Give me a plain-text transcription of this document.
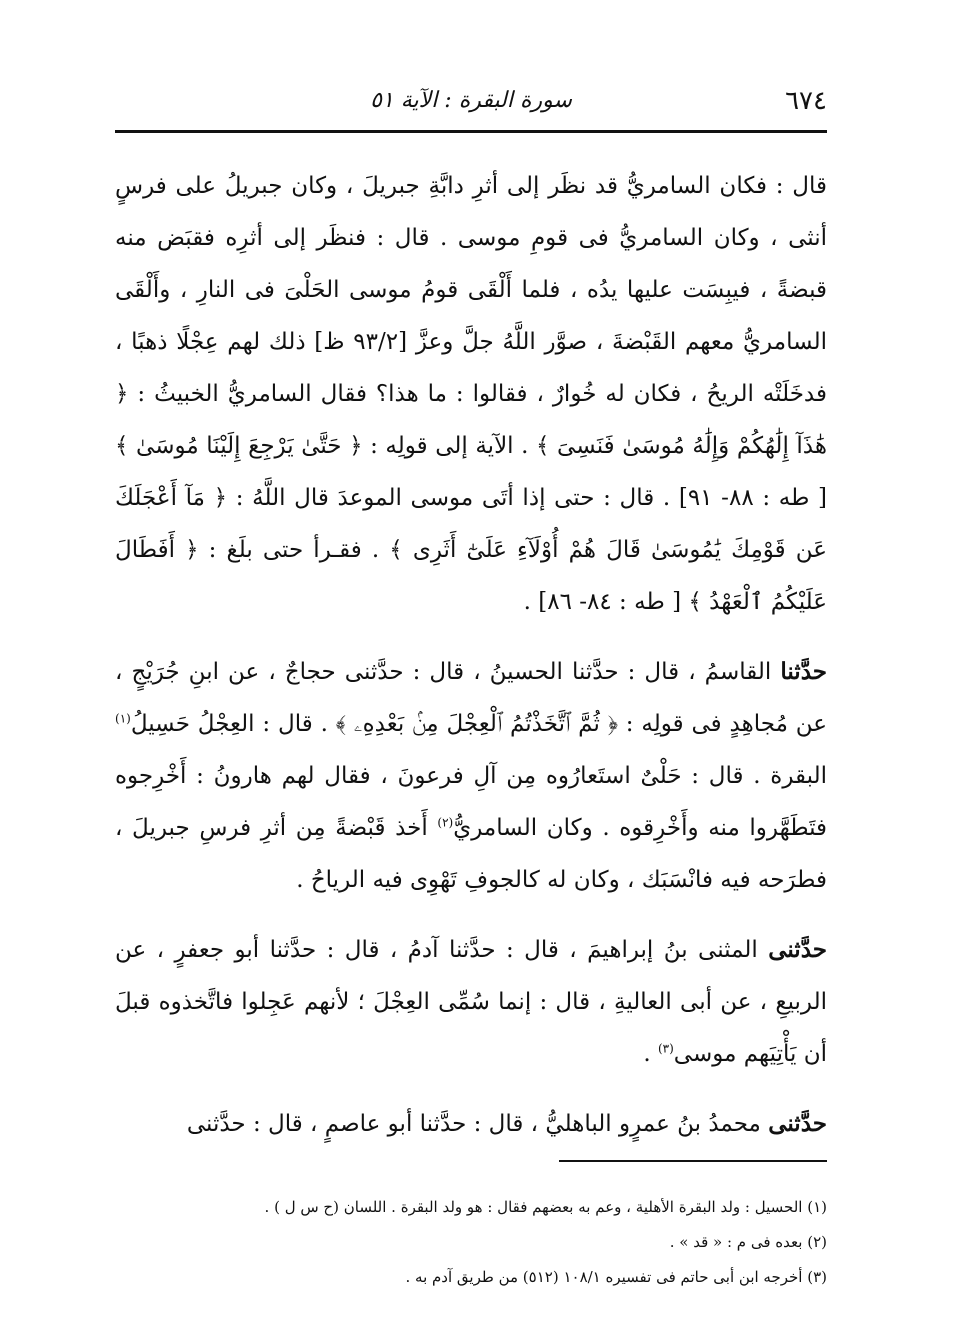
٦٧٤
سورة البقرة : الآية ٥١

قال : فكان السامريُّ قد نظَر إلى أثرِ دابَّةِ جبريلَ ، وكان جبريلُ على فرسٍ أنثى ، وكان السامريُّ فى قومِ موسى . قال : فنظَر إلى أثرِه فقبَض منه قبضةً ، فيبِسَت عليها يدُه ، فلما أَلْقَى قومُ موسى الحَلْىَ فى النارِ ، وأَلْقَى السامريُّ معهم القَبْضةَ ، صوَّر اللَّهُ جلَّ وعزَّ [٩٣/٢ ظ] ذلك لهم عِجْلًا ذهبًا ، فدخَلَتْه الريحُ ، فكان له خُوارٌ ، فقالوا : ما هذا؟ فقال السامريُّ الخبيثُ : ﴿ هَٰذَآ إِلَٰهُكُمْ وَإِلَٰهُ مُوسَىٰ فَنَسِىَ ﴾ . الآية إلى قولِه : ﴿ حَتَّىٰ يَرْجِعَ إِلَيْنَا مُوسَىٰ ﴾ [ طه : ٨٨- ٩١] . قال : حتى إذا أتَى موسى الموعدَ قال اللَّهُ : ﴿ مَآ أَعْجَلَكَ عَن قَوْمِكَ يَٰمُوسَىٰ قَالَ هُمْ أُوْلَآءِ عَلَىٰٓ أَثَرِى ﴾ . فقـرأ حتى بلَغ : ﴿ أَفَطَالَ عَلَيْكُمُ ٱلْعَهْدُ ﴾ [ طه : ٨٤- ٨٦] .

حدَّثنا القاسمُ ، قال : حدَّثنا الحسينُ ، قال : حدَّثنى حجاجٌ ، عن ابنِ جُرَيْجٍ ، عن مُجاهِدٍ فى قولِه : ﴿ ثُمَّ ٱتَّخَذْتُمُ ٱلْعِجْلَ مِنۢ بَعْدِهِۦ ﴾ . قال : العِجْلُ حَسِيلُ$^{(١)}$ البقرة . قال : حَلْىٌ استَعارُوه مِن آلِ فرعونَ ، فقال لهم هارونُ : أَخْرِجوه فتَطَهَّروا منه وأَخْرِقوه . وكان السامريُّ$^{(٢)}$ أَخذ قَبْضةً مِن أثرِ فرسِ جبريلَ ، فطرَحه فيه فانْسَبَك ، وكان له كالجوفِ تَهْوِى فيه الرياحُ .

حدَّثنى المثنى بنُ إبراهيمَ ، قال : حدَّثنا آدمُ ، قال : حدَّثنا أبو جعفرٍ ، عن الربيعِ ، عن أبى العاليةِ ، قال : إنما سُمِّى العِجْلَ ؛ لأنهم عَجِلوا فاتَّخذوه قبلَ أن يَأْتِيَهم موسى$^{(٣)}$ .

حدَّثنى محمدُ بنُ عمرٍو الباهليُّ ، قال : حدَّثنا أبو عاصمٍ ، قال : حدَّثنى

(١) الحسيل : ولد البقرة الأهلية ، وعم به بعضهم فقال : هو ولد البقرة . اللسان (ح س ل ) .

(٢) بعده فى م : « قد » .

(٣) أخرجه ابن أبى حاتم فى تفسيره ١٠٨/١ (٥١٢) من طريق آدم به .
